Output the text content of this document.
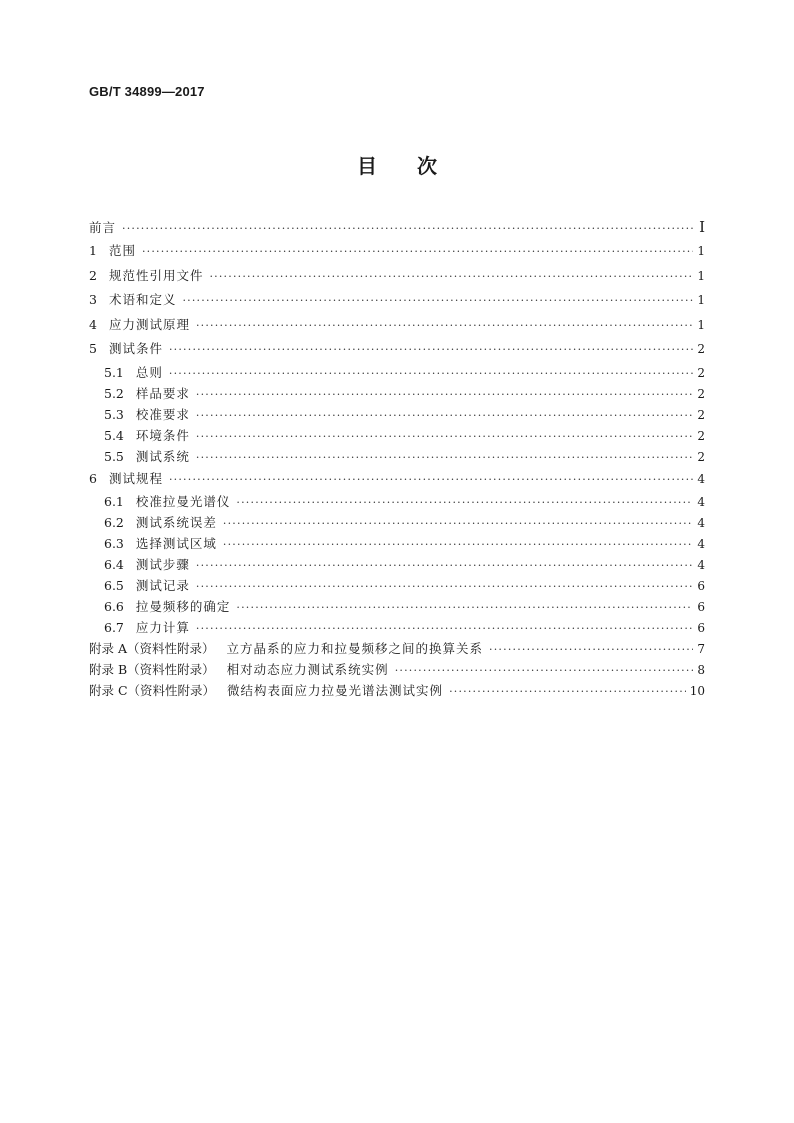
GB/T 34899—2017
目 次
前言 ·····	I
1 范围 ·····	1
2 规范性引用文件 ·····	1
3 术语和定义 ·····	1
4 应力测试原理 ·····	1
5 测试条件 ·····	2
5.1 总则 ·····	2
5.2 样品要求 ·····	2
5.3 校准要求 ·····	2
5.4 环境条件 ·····	2
5.5 测试系统 ·····	2
6 测试规程 ·····	4
6.1 校准拉曼光谱仪 ·····	4
6.2 测试系统误差 ·····	4
6.3 选择测试区域 ·····	4
6.4 测试步骤 ·····	4
6.5 测试记录 ·····	6
6.6 拉曼频移的确定 ·····	6
6.7 应力计算 ·····	6
附录 A（资料性附录） 立方晶系的应力和拉曼频移之间的换算关系 ·····	7
附录 B（资料性附录） 相对动态应力测试系统实例 ·····	8
附录 C（资料性附录） 微结构表面应力拉曼光谱法测试实例 ·····	10
